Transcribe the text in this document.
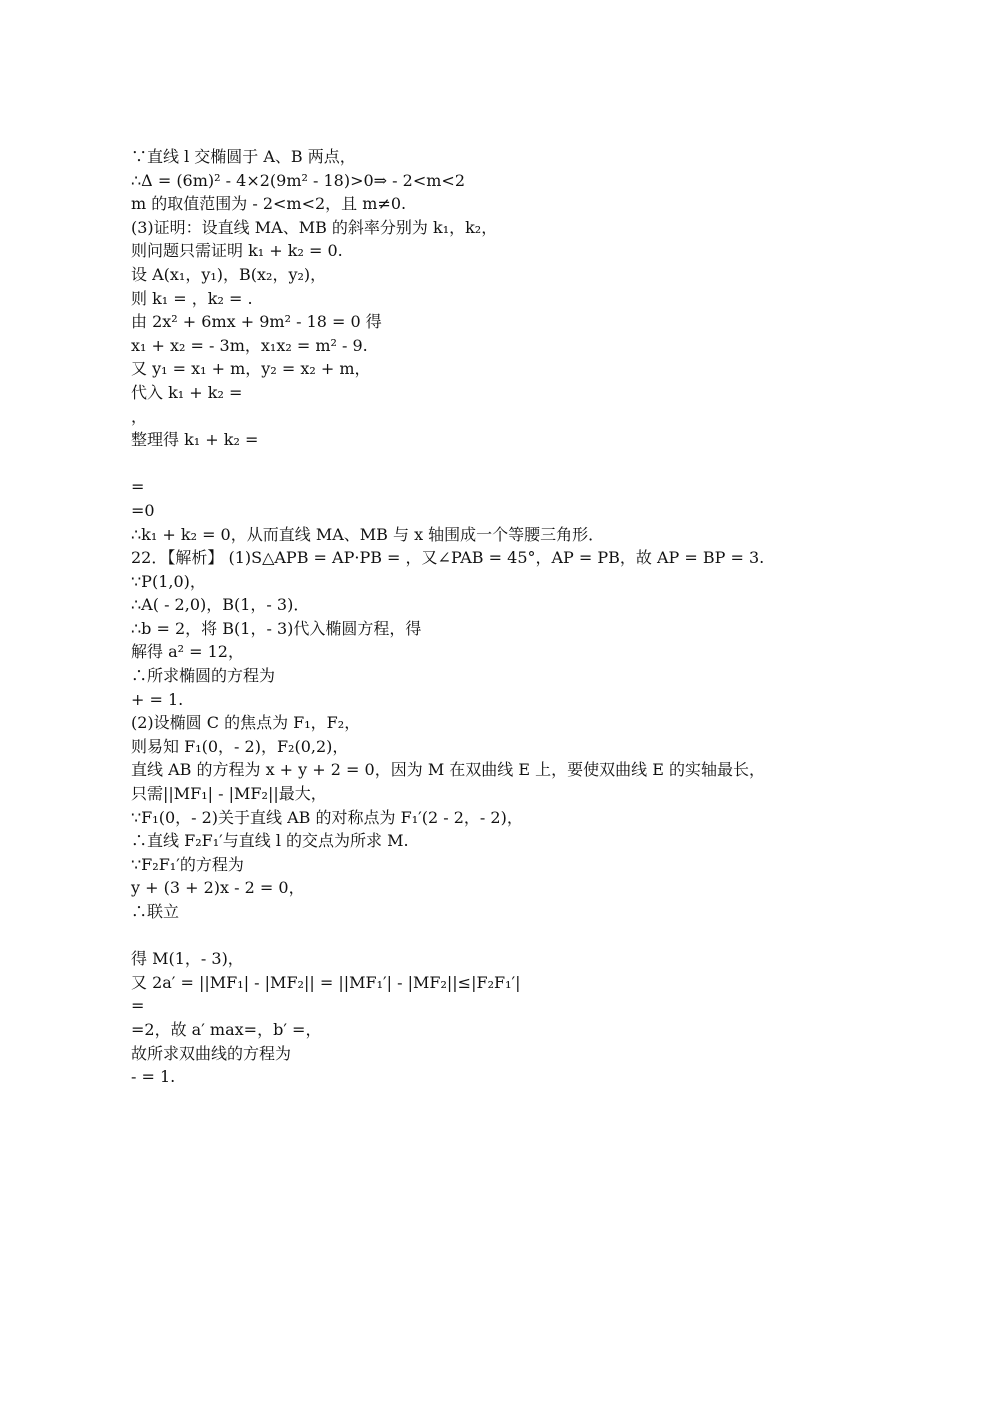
∵直线 l 交椭圆于 A、B 两点，
∴Δ = (6m)² - 4×2(9m² - 18)>0⇒ - 2<m<2
m 的取值范围为 - 2<m<2，且 m≠0.
(3)证明：设直线 MA、MB 的斜率分别为 k₁，k₂，
则问题只需证明 k₁ + k₂ = 0.
设 A(x₁，y₁)，B(x₂，y₂)，
则 k₁ = ，k₂ = .
由 2x² + 6mx + 9m² - 18 = 0 得
x₁ + x₂ = - 3m，x₁x₂ = m² - 9.
又 y₁ = x₁ + m，y₂ = x₂ + m，
代入 k₁ + k₂ =
，
整理得 k₁ + k₂ =
=
=0
∴k₁ + k₂ = 0，从而直线 MA、MB 与 x 轴围成一个等腰三角形．
22．【解析】 (1)S△APB = AP·PB = ，又∠PAB = 45°，AP = PB，故 AP = BP = 3.
∵P(1,0)，
∴A( - 2,0)，B(1，- 3)．
∴b = 2，将 B(1，- 3)代入椭圆方程，得
解得 a² = 12，
∴所求椭圆的方程为
+ = 1.
(2)设椭圆 C 的焦点为 F₁，F₂，
则易知 F₁(0，- 2)，F₂(0,2)，
直线 AB 的方程为 x + y + 2 = 0，因为 M 在双曲线 E 上，要使双曲线 E 的实轴最长，
只需||MF₁| - |MF₂||最大，
∵F₁(0，- 2)关于直线 AB 的对称点为 F₁′(2 - 2，- 2)，
∴直线 F₂F₁′与直线 l 的交点为所求 M.
∵F₂F₁′的方程为
y + (3 + 2)x - 2 = 0，
∴联立
得 M(1，- 3)，
又 2a′ = ||MF₁| - |MF₂|| = ||MF₁′| - |MF₂||≤|F₂F₁′|
=
=2，故 a′ max=，b′ =，
故所求双曲线的方程为
- = 1.
